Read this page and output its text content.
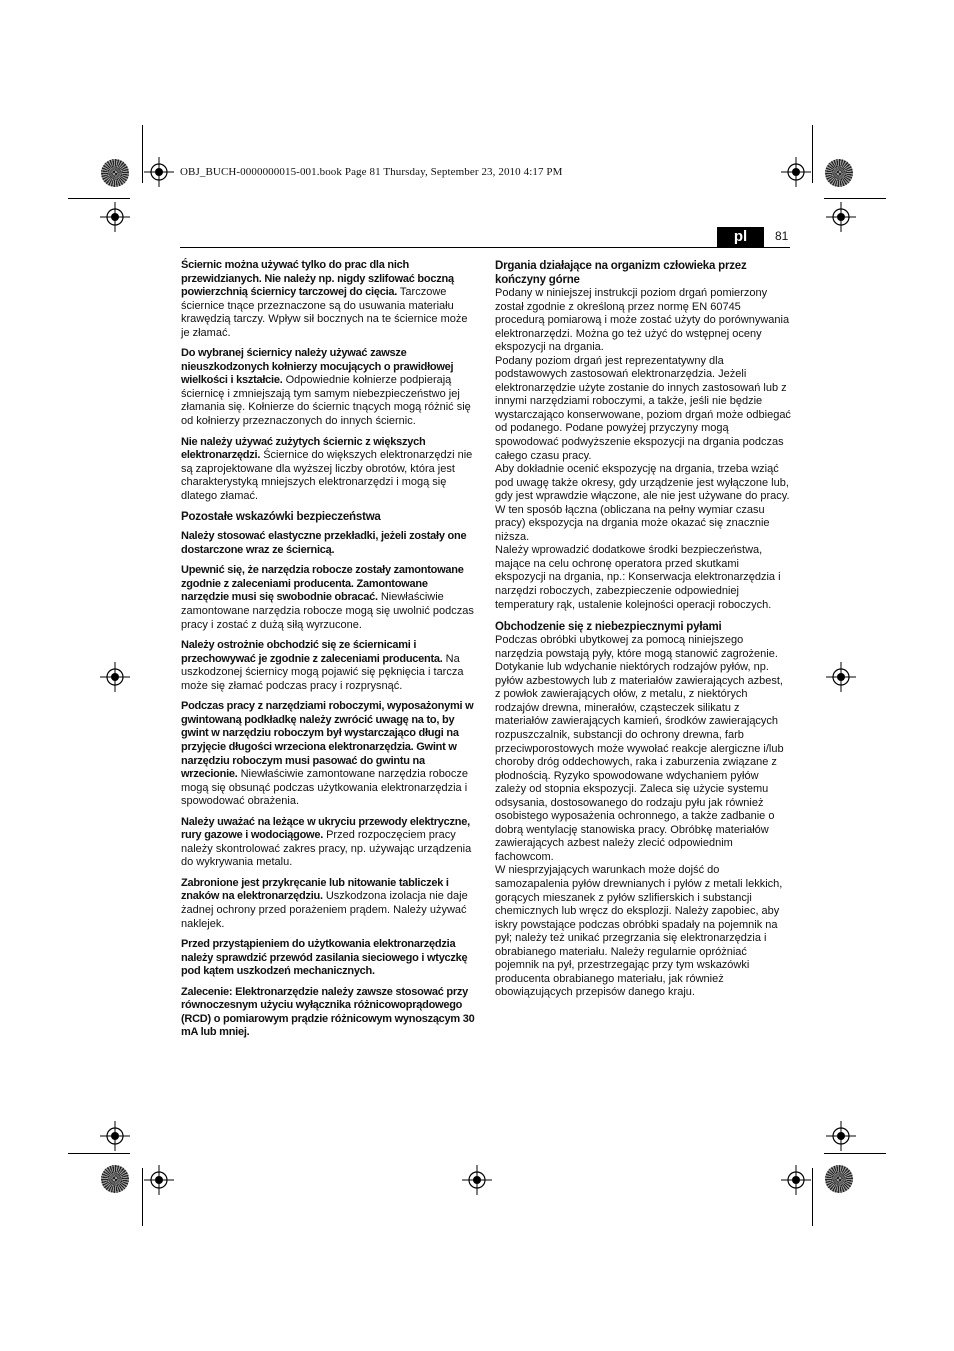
OBJ_BUCH-0000000015-001.book Page 81 Thursday, September 23, 2010 4:17 PM
pl	81

Ściernic można używać tylko do prac dla nich przewidzianych. Nie należy np. nigdy szlifować boczną powierzchnią ściernicy tarczowej do cięcia. Tarczowe ściernice tnące przeznaczone są do usuwania materiału krawędzią tarczy. Wpływ sił bocznych na te ściernice może je złamać.

Do wybranej ściernicy należy używać zawsze nieuszkodzonych kołnierzy mocujących o prawidłowej wielkości i kształcie. Odpowiednie kołnierze podpierają ściernicę i zmniejszają tym samym niebezpieczeństwo jej złamania się. Kołnierze do ściernic tnących mogą różnić się od kołnierzy przeznaczonych do innych ściernic.

Nie należy używać zużytych ściernic z większych elektronarzędzi. Ściernice do większych elektronarzędzi nie są zaprojektowane dla wyższej liczby obrotów, która jest charakterystyką mniejszych elektronarzędzi i mogą się dlatego złamać.

Pozostałe wskazówki bezpieczeństwa

Należy stosować elastyczne przekładki, jeżeli zostały one dostarczone wraz ze ściernicą.

Upewnić się, że narzędzia robocze zostały zamontowane zgodnie z zaleceniami producenta. Zamontowane narzędzie musi się swobodnie obracać. Niewłaściwie zamontowane narzędzia robocze mogą się uwolnić podczas pracy i zostać z dużą siłą wyrzucone.

Należy ostrożnie obchodzić się ze ściernicami i przechowywać je zgodnie z zaleceniami producenta. Na uszkodzonej ściernicy mogą pojawić się pęknięcia i tarcza może się złamać podczas pracy i rozprysnąć.

Podczas pracy z narzędziami roboczymi, wyposażonymi w gwintowaną podkładkę należy zwrócić uwagę na to, by gwint w narzędziu roboczym był wystarczająco długi na przyjęcie długości wrzeciona elektronarzędzia. Gwint w narzędziu roboczym musi pasować do gwintu na wrzecionie. Niewłaściwie zamontowane narzędzia robocze mogą się obsunąć podczas użytkowania elektronarzędzia i spowodować obrażenia.

Należy uważać na leżące w ukryciu przewody elektryczne, rury gazowe i wodociągowe. Przed rozpoczęciem pracy należy skontrolować zakres pracy, np. używając urządzenia do wykrywania metalu.

Zabronione jest przykręcanie lub nitowanie tabliczek i znaków na elektronarzędziu. Uszkodzona izolacja nie daje żadnej ochrony przed porażeniem prądem. Należy używać naklejek.

Przed przystąpieniem do użytkowania elektronarzędzia należy sprawdzić przewód zasilania sieciowego i wtyczkę pod kątem uszkodzeń mechanicznych.

Zalecenie: Elektronarzędzie należy zawsze stosować przy równoczesnym użyciu wyłącznika różnicowoprądowego (RCD) o pomiarowym prądzie różnicowym wynoszącym 30 mA lub mniej.

Drgania działające na organizm człowieka przez kończyny górne

Podany w niniejszej instrukcji poziom drgań pomierzony został zgodnie z określoną przez normę EN 60745 procedurą pomiarową i może zostać użyty do porównywania elektronarzędzi. Można go też użyć do wstępnej oceny ekspozycji na drgania.

Podany poziom drgań jest reprezentatywny dla podstawowych zastosowań elektronarzędzia. Jeżeli elektronarzędzie użyte zostanie do innych zastosowań lub z innymi narzędziami roboczymi, a także, jeśli nie będzie wystarczająco konserwowane, poziom drgań może odbiegać od podanego. Podane powyżej przyczyny mogą spowodować podwyższenie ekspozycji na drgania podczas całego czasu pracy.

Aby dokładnie ocenić ekspozycję na drgania, trzeba wziąć pod uwagę także okresy, gdy urządzenie jest wyłączone lub, gdy jest wprawdzie włączone, ale nie jest używane do pracy. W ten sposób łączna (obliczana na pełny wymiar czasu pracy) ekspozycja na drgania może okazać się znacznie niższa.

Należy wprowadzić dodatkowe środki bezpieczeństwa, mające na celu ochronę operatora przed skutkami ekspozycji na drgania, np.: Konserwacja elektronarzędzia i narzędzi roboczych, zabezpieczenie odpowiedniej temperatury rąk, ustalenie kolejności operacji roboczych.

Obchodzenie się z niebezpiecznymi pyłami

Podczas obróbki ubytkowej za pomocą niniejszego narzędzia powstają pyły, które mogą stanowić zagrożenie.

Dotykanie lub wdychanie niektórych rodzajów pyłów, np. pyłów azbestowych lub z materiałów zawierających azbest, z powłok zawierających ołów, z metalu, z niektórych rodzajów drewna, minerałów, cząsteczek silikatu z materiałów zawierających kamień, środków zawierających rozpuszczalnik, substancji do ochrony drewna, farb przeciwporostowych może wywołać reakcje alergiczne i/lub choroby dróg oddechowych, raka i zaburzenia związane z płodnością. Ryzyko spowodowane wdychaniem pyłów zależy od stopnia ekspozycji. Zaleca się użycie systemu odsysania, dostosowanego do rodzaju pyłu jak również osobistego wyposażenia ochronnego, a także zadbanie o dobrą wentylację stanowiska pracy. Obróbkę materiałów zawierających azbest należy zlecić odpowiednim fachowcom.

W niesprzyjających warunkach może dojść do samozapalenia pyłów drewnianych i pyłów z metali lekkich, gorących mieszanek z pyłów szlifierskich i substancji chemicznych lub wręcz do eksplozji. Należy zapobiec, aby iskry powstające podczas obróbki spadały na pojemnik na pył; należy też unikać przegrzania się elektronarzędzia i obrabianego materiału. Należy regularnie opróżniać pojemnik na pył, przestrzegając przy tym wskazówki producenta obrabianego materiału, jak również obowiązujących przepisów danego kraju.
